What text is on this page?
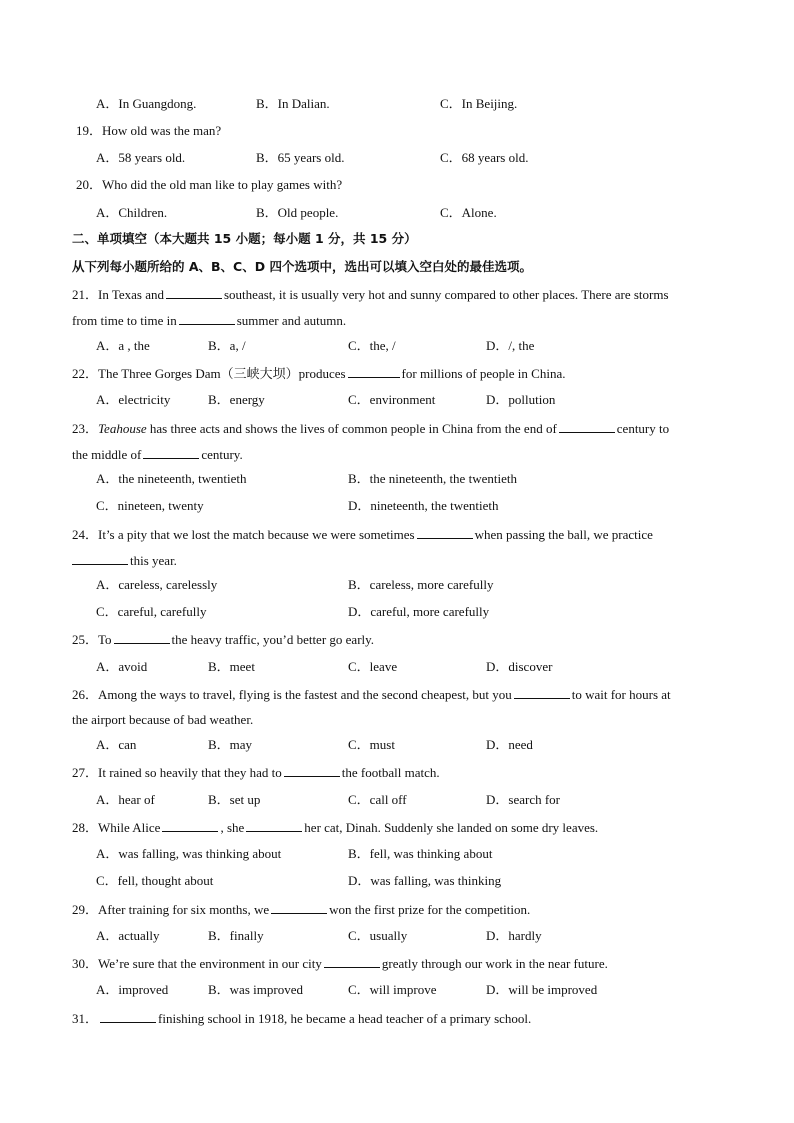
A．In Guangdong.	B．In Dalian.	C．In Beijing.
19．How old was the man?
A．58 years old.	B．65 years old.	C．68 years old.
20．Who did the old man like to play games with?
A．Children.	B．Old people.	C．Alone.
二、单项填空（本大题共 15 小题；每小题 1 分，共 15 分）
从下列每小题所给的 A、B、C、D 四个选项中，选出可以填入空白处的最佳选项。
21．In Texas and	southeast, it is usually very hot and sunny compared to other places. There are storms
from time to time in	summer and autumn.
A．a , the	B．a, /	C．the, /	D．/, the
22．The Three Gorges Dam（三峡大坝）produces	for millions of people in China.
A．electricity	B．energy	C．environment	D．pollution
23．Teahouse has three acts and shows the lives of common people in China from the end of	century to
the middle of	century.
A．the nineteenth, twentieth	B．the nineteenth, the twentieth
C．nineteen, twenty	D．nineteenth, the twentieth
24．It’s a pity that we lost the match because we were sometimes	when passing the ball, we practice
this year.
A．careless, carelessly	B．careless, more carefully
C．careful, carefully	D．careful, more carefully
25．To	the heavy traffic, you’d better go early.
A．avoid	B．meet	C．leave	D．discover
26．Among the ways to travel, flying is the fastest and the second cheapest, but you	to wait for hours at
the airport because of bad weather.
A．can	B．may	C．must	D．need
27．It rained so heavily that they had to	the football match.
A．hear of	B．set up	C．call off	D．search for
28．While Alice	, she	her cat, Dinah. Suddenly she landed on some dry leaves.
A．was falling, was thinking about	B．fell, was thinking about
C．fell, thought about	D．was falling, was thinking
29．After training for six months, we	won the first prize for the competition.
A．actually	B．finally	C．usually	D．hardly
30．We’re sure that the environment in our city	greatly through our work in the near future.
A．improved	B．was improved	C．will improve	D．will be improved
31．	finishing school in 1918, he became a head teacher of a primary school.
